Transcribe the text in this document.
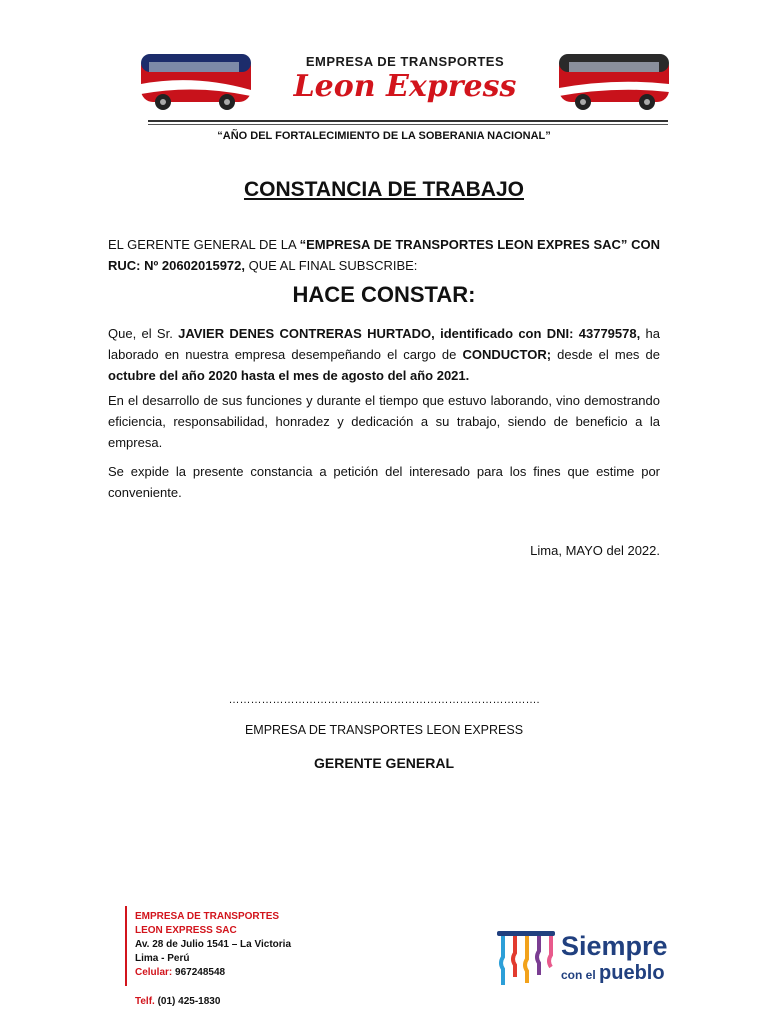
EMPRESA DE TRANSPORTES
Leon Express
“AÑO DEL FORTALECIMIENTO DE LA SOBERANIA NACIONAL”
CONSTANCIA DE TRABAJO
EL GERENTE GENERAL DE LA “EMPRESA DE TRANSPORTES LEON EXPRES SAC” CON RUC: Nº 20602015972, QUE AL FINAL SUBSCRIBE:
HACE CONSTAR:
Que, el Sr. JAVIER DENES CONTRERAS HURTADO, identificado con DNI: 43779578, ha laborado en nuestra empresa desempeñando el cargo de CONDUCTOR; desde el mes de octubre del año 2020 hasta el mes de agosto del año 2021.
En el desarrollo de sus funciones y durante el tiempo que estuvo laborando, vino demostrando eficiencia, responsabilidad, honradez y dedicación a su trabajo, siendo de beneficio a la empresa.
Se expide la presente constancia a petición del interesado para los fines que estime por conveniente.
Lima, MAYO del 2022.
………………………………………………………………………….
EMPRESA DE TRANSPORTES LEON EXPRESS
GERENTE GENERAL
EMPRESA DE TRANSPORTES
LEON EXPRESS SAC
Av. 28 de Julio 1541 – La Victoria
Lima - Perú
Celular: 967248548
Telf. (01) 425-1830
Siempre
con el pueblo
